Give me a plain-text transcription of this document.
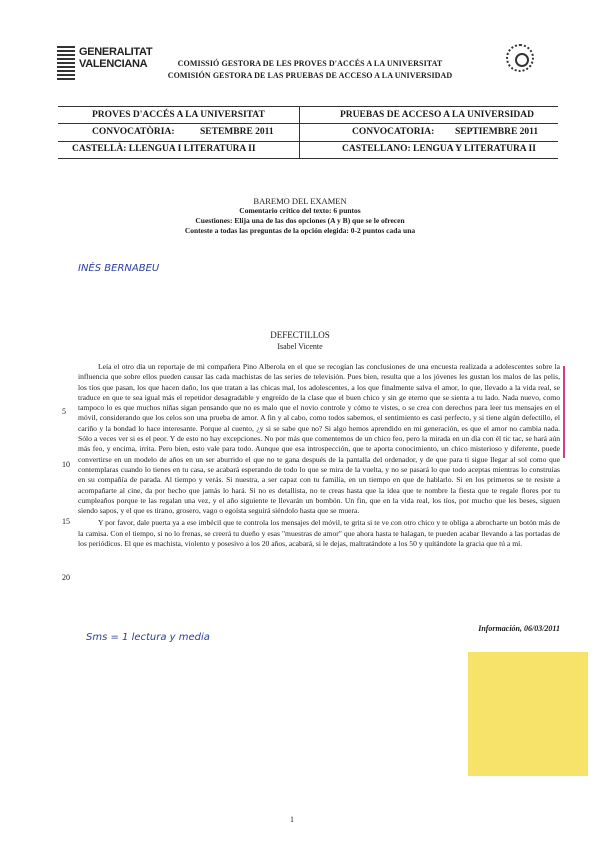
GENERALITAT
VALENCIANA	COMISSIÓ GESTORA DE LES PROVES D'ACCÉS A LA UNIVERSITAT
COMISIÓN GESTORA DE LAS PRUEBAS DE ACCESO A LA UNIVERSIDAD
PROVES D'ACCÉS A LA UNIVERSITAT	PRUEBAS DE ACCESO A LA UNIVERSIDAD
CONVOCATÒRIA:	SETEMBRE 2011	CONVOCATORIA: SEPTIEMBRE 2011
CASTELLÀ: LLENGUA I LITERATURA II	CASTELLANO: LENGUA Y LITERATURA II
BAREMO DEL EXAMEN
Comentario crítico del texto: 6 puntos
Cuestiones: Elija una de las dos opciones (A y B) que se le ofrecen
Conteste a todas las preguntas de la opción elegida: 0-2 puntos cada una
INÉS BERNABEU
DEFECTILLOS
Isabel Vicente

Leía el otro día un reportaje de mi compañera Pino Alberola en el que se recogían las conclusiones de una encuesta realizada a adolescentes sobre la influencia que sobre ellos pueden causar las cada machistas de las series de televisión. Pues bien, resulta que a los jóvenes les gustan los malos de las pelis, los tíos que pasan, los que hacen daño, los que tratan a las chicas mal, los adolescentes, a los que finalmente salva el amor, lo que, llevado a la vida real, se traduce en que te sea igual más el repetidor desagradable y engreído de la clase que el buen chico y sin ge eterno que se sienta a tu lado. Nada nuevo, como tampoco lo es que muchos niñas sigan pensando que no es malo que el novio controle y cómo te vistes, o se crea con derechos para leer tus mensajes en el móvil, considerando que los celos son una prueba de amor. A fin y al cabo, como todos sabemos, el sentimiento es casi perfecto, y si tiene algún defectillo, el cariño y la bondad lo hace interesante. Porque al cuento, ¿y si se sabe que no? Si algo hemos aprendido en mi generación, es que el amor no cambia nada. Sólo a veces ver si es el peor. Y de esto no hay excepciones. No por más que comentemos de un chico feo, pero la mirada en un día con él tic tac, se hará aún más feo, y encima, irrita. Pero bien, esto vale para todo. Aunque que esa introspección, que te aporta conocimiento, un chico misterioso y diferente, puede convertirse en un modelo de años en un ser aburrido el que no te gana después de la pantalla del ordenador, y de que para ti sigue llegar al sol como que contemplaras cuando lo tienes en tu casa, se acabará esperando de todo lo que se mira de la vuelta, y no se pasará lo que todo aceptas mientras lo construías en su compañía de parada. Al tiempo y verás. Si nuestra, a ser capaz con tu familia, en un tiempo en que de hablarlo. Si en los primeros se te resiste a acompañarte al cine, da por hecho que jamás lo hará. Si no es detallista, no te creas hasta que la idea que te nombre la fiesta que te regale flores por tu cumpleaños porque te las regalan una vez, y el año siguiente te llevarán un bombón. Un fin, que en la vida real, los tíos, por mucho que les beses, siguen siendo sapos, y el que es tirano, grosero, vago o egoísta seguirá siéndolo hasta que se muera.

Y por favor, dale puerta ya a ese imbécil que te controla los mensajes del móvil, te grita si te ve con otro chico y te obliga a abrocharte un botón más de la camisa. Con el tiempo, si no lo frenas, se creerá tu dueño y esas "muestras de amor" que ahora hasta te halagan, te pueden acabar llevando a las portadas de los periódicos. El que es machista, violento y posesivo a los 20 años, acabará, si le dejas, maltratándote a los 50 y quitándote la gracia que tú a mí.

5
10
15
20
Información, 06/03/2011
Sms = 1 lectura y media
1
